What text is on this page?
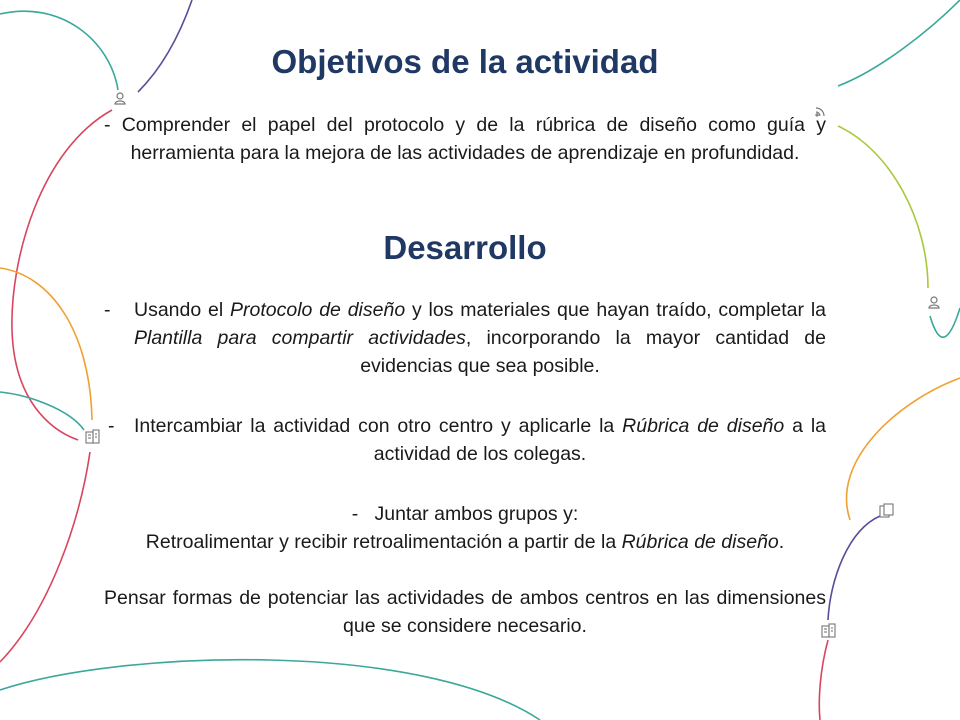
Objetivos de la actividad
- Comprender el papel del protocolo y de la rúbrica de diseño como guía y herramienta para la mejora de las actividades de aprendizaje en profundidad.
Desarrollo
- Usando el Protocolo de diseño y los materiales que hayan traído, completar la Plantilla para compartir actividades, incorporando la mayor cantidad de evidencias que sea posible.
- Intercambiar la actividad con otro centro y aplicarle la Rúbrica de diseño a la actividad de los colegas.
- Juntar ambos grupos y:
Retroalimentar y recibir retroalimentación a partir de la Rúbrica de diseño.
Pensar formas de potenciar las actividades de ambos centros en las dimensiones que se considere necesario.
